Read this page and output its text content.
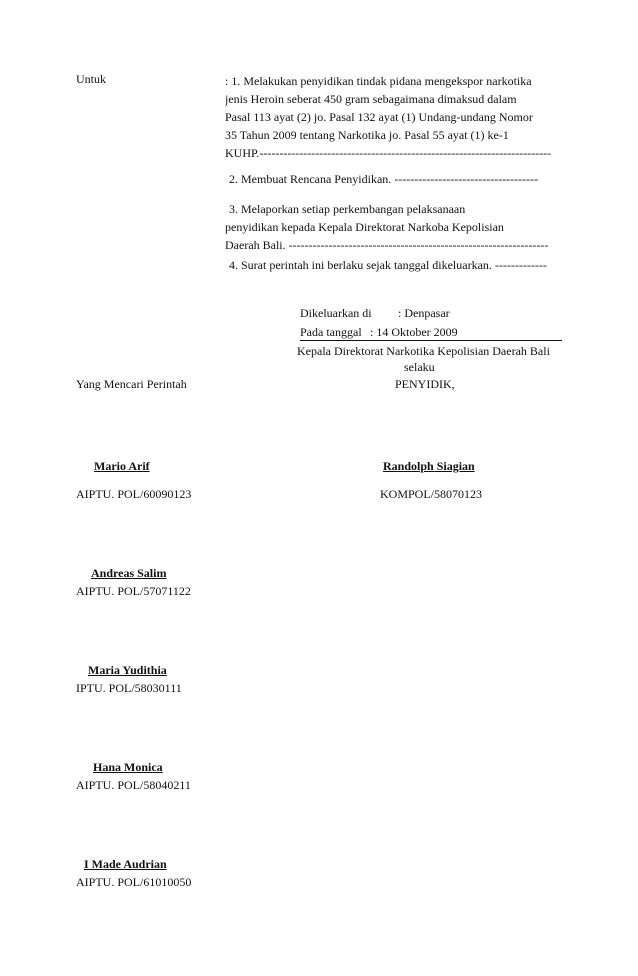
Untuk	: 1. Melakukan penyidikan tindak pidana mengekspor narkotika
jenis Heroin seberat 450 gram sebagaimana dimaksud dalam
Pasal 113 ayat (2) jo. Pasal 132 ayat (1) Undang-undang Nomor
35 Tahun 2009 tentang Narkotika jo. Pasal 55 ayat (1) ke-1
KUHP.-------------------------------------------------------------------------
2. Membuat Rencana Penyidikan. ------------------------------------
3. Melaporkan setiap perkembangan pelaksanaan
penyidikan kepada Kepala Direktorat Narkoba Kepolisian
Daerah Bali. -----------------------------------------------------------------
4. Surat perintah ini berlaku sejak tanggal dikeluarkan. -------------
Dikeluarkan di : Denpasar
Pada tanggal : 14 Oktober 2009
Kepala Direktorat Narkotika Kepolisian Daerah Bali
selaku
Yang Mencari Perintah	PENYIDIK,
Randolph Siagian
KOMPOL/58070123
Mario Arif
AIPTU. POL/60090123
Andreas Salim
AIPTU. POL/57071122
Maria Yudithia
IPTU. POL/58030111
Hana Monica
AIPTU. POL/58040211
I Made Audrian
AIPTU. POL/61010050
